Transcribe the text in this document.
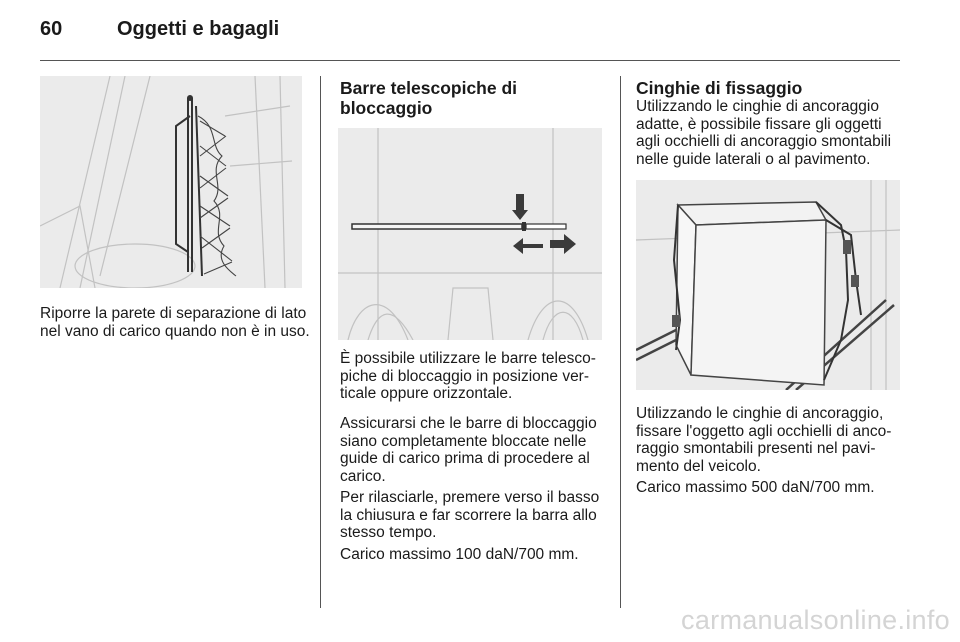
60	Oggetti e bagagli

Riporre la parete di separazione di lato nel vano di carico quando non è in uso.

Barre telescopiche di
bloccaggio

È possibile utilizzare le barre telesco-piche di bloccaggio in posizione ver-ticale oppure orizzontale.

Assicurarsi che le barre di bloccaggio siano completamente bloccate nelle guide di carico prima di procedere al carico.

Per rilasciarle, premere verso il basso la chiusura e far scorrere la barra allo stesso tempo.

Carico massimo 100 daN/700 mm.

Cinghie di fissaggio

Utilizzando le cinghie di ancoraggio adatte, è possibile fissare gli oggetti agli occhielli di ancoraggio smontabili nelle guide laterali o al pavimento.

Utilizzando le cinghie di ancoraggio, fissare l'oggetto agli occhielli di anco-raggio smontabili presenti nel pavi-mento del veicolo.

Carico massimo 500 daN/700 mm.

carmanualsonline.info
